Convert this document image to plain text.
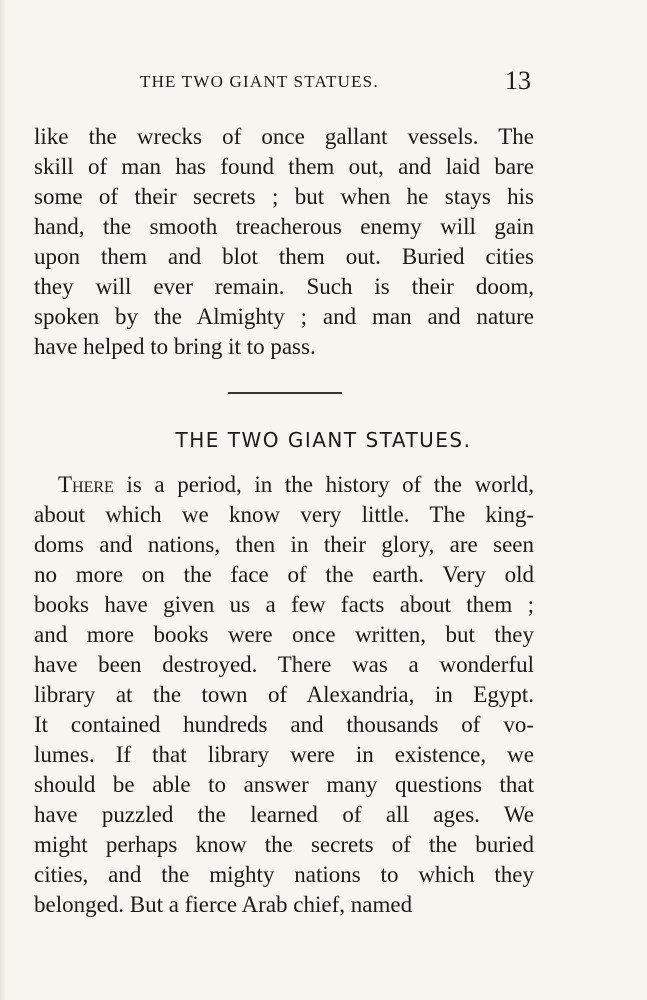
THE TWO GIANT STATUES.	13

like the wrecks of once gallant vessels. The
skill of man has found them out, and laid bare
some of their secrets ; but when he stays his
hand, the smooth treacherous enemy will gain
upon them and blot them out. Buried cities
they will ever remain. Such is their doom,
spoken by the Almighty ; and man and nature
have helped to bring it to pass.

THE TWO GIANT STATUES.

There is a period, in the history of the world,
about which we know very little. The king-
doms and nations, then in their glory, are seen
no more on the face of the earth. Very old
books have given us a few facts about them ;
and more books were once written, but they
have been destroyed. There was a wonderful
library at the town of Alexandria, in Egypt.
It contained hundreds and thousands of vo-
lumes. If that library were in existence, we
should be able to answer many questions that
have puzzled the learned of all ages. We
might perhaps know the secrets of the buried
cities, and the mighty nations to which they
belonged. But a fierce Arab chief, named
